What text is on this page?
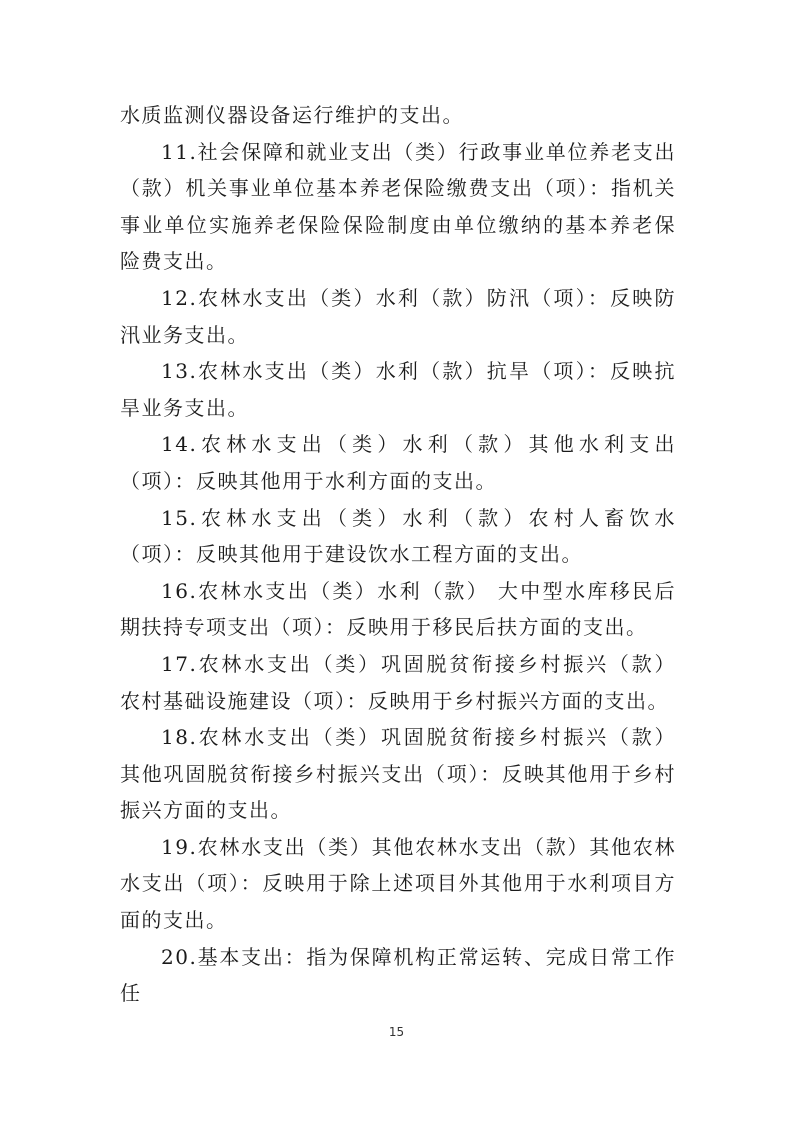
水质监测仪器设备运行维护的支出。

11.社会保障和就业支出（类）行政事业单位养老支出（款）机关事业单位基本养老保险缴费支出（项）：指机关事业单位实施养老保险保险制度由单位缴纳的基本养老保险费支出。

12.农林水支出（类）水利（款）防汛（项）：反映防汛业务支出。

13.农林水支出（类）水利（款）抗旱（项）：反映抗旱业务支出。

14.农林水支出（类）水利（款）其他水利支出（项）：反映其他用于水利方面的支出。

15.农林水支出（类）水利（款）农村人畜饮水（项）：反映其他用于建设饮水工程方面的支出。

16.农林水支出（类）水利（款） 大中型水库移民后期扶持专项支出（项）：反映用于移民后扶方面的支出。

17.农林水支出（类）巩固脱贫衔接乡村振兴（款） 农村基础设施建设（项）：反映用于乡村振兴方面的支出。

18.农林水支出（类）巩固脱贫衔接乡村振兴（款） 其他巩固脱贫衔接乡村振兴支出（项）：反映其他用于乡村振兴方面的支出。

19.农林水支出（类）其他农林水支出（款）其他农林水支出（项）：反映用于除上述项目外其他用于水利项目方面的支出。

20.基本支出：指为保障机构正常运转、完成日常工作任

15
